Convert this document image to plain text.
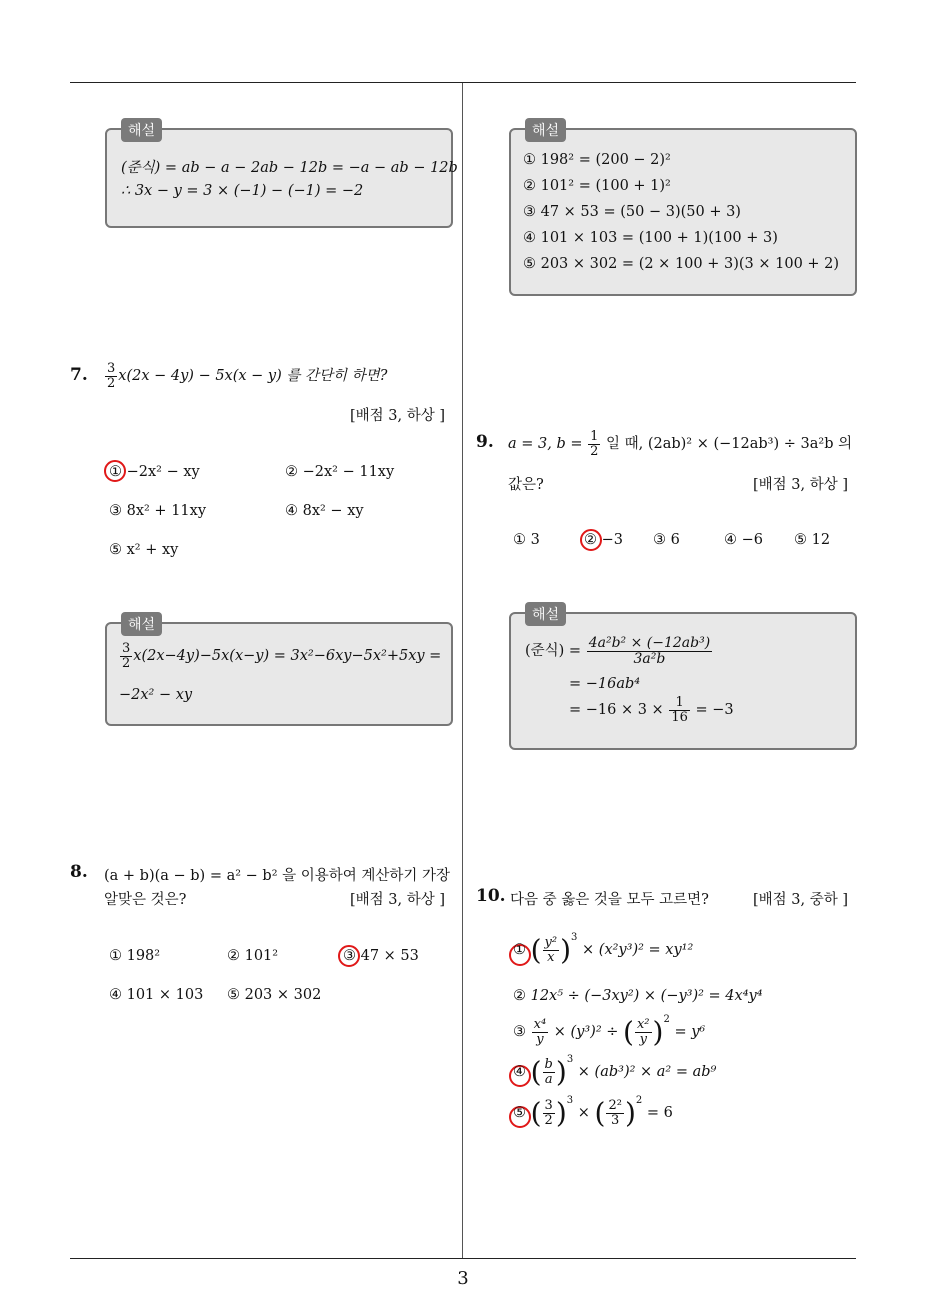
3
해설
(준식) = ab − a − 2ab − 12b = −a − ab − 12b
∴ 3x − y = 3 × (−1) − (−1) = −2
해설
① 198² = (200 − 2)²
② 101² = (100 + 1)²
③ 47 × 53 = (50 − 3)(50 + 3)
④ 101 × 103 = (100 + 1)(100 + 3)
⑤ 203 × 302 = (2 × 100 + 3)(3 × 100 + 2)
7. $\frac{3}{2} x(2x - 4y) - 5x(x - y)$ 를 간단히 하면?
[배점 3, 하상 ]
① −2x² − xy	② −2x² − 11xy
③ 8x² + 11xy	④ 8x² − xy
⑤ x² + xy
해설
$\frac{3}{2} x(2x-4y)-5x(x-y) = 3x^2-6xy-5x^2+5xy$ =
−2x² − xy
8. (a + b)(a − b) = a² − b² 을 이용하여 계산하기 가장
알맞은 것은?	[배점 3, 하상 ]
① 198²	② 101²	③ 47 × 53
④ 101 × 103 ⑤ 203 × 302
9. a = 3, $b = \frac{1}{2}$ 일 때, (2ab)² × (−12ab³) ÷ 3a²b 의
값은?	[배점 3, 하상 ]
① 3	② −3 ③ 6	④ −6 ⑤ 12
해설
(준식) = $\frac{\text{4a²b² × (−12ab³)}}{\text{3a²b}}$
= −16ab⁴
= $-16 \times 3 \times \frac{1}{16} = -3$
10. 다음 중 옳은 것을 모두 고르면?	[배점 3, 중하 ]
① ( $\frac{\text{y²}}{x} )^3 \times (x^2y^3)^2 = xy^{12}$
② 12x⁵ ÷ (−3xy²) × (−y³)² = 4x⁴y⁴
③ $\frac{\text{x⁴}}{y} \times (y^3)^2$ ÷ ( $\frac{\text{x²}}{y} )^2 = y^6$
④ ( $\frac{b}{a} )^3 \times (ab^3)^2 \times a^2 = ab^9$
⑤ ( $\frac{3}{2} )^3$ × ( $\frac{\text{2²}}{3} )^2 = 6$
